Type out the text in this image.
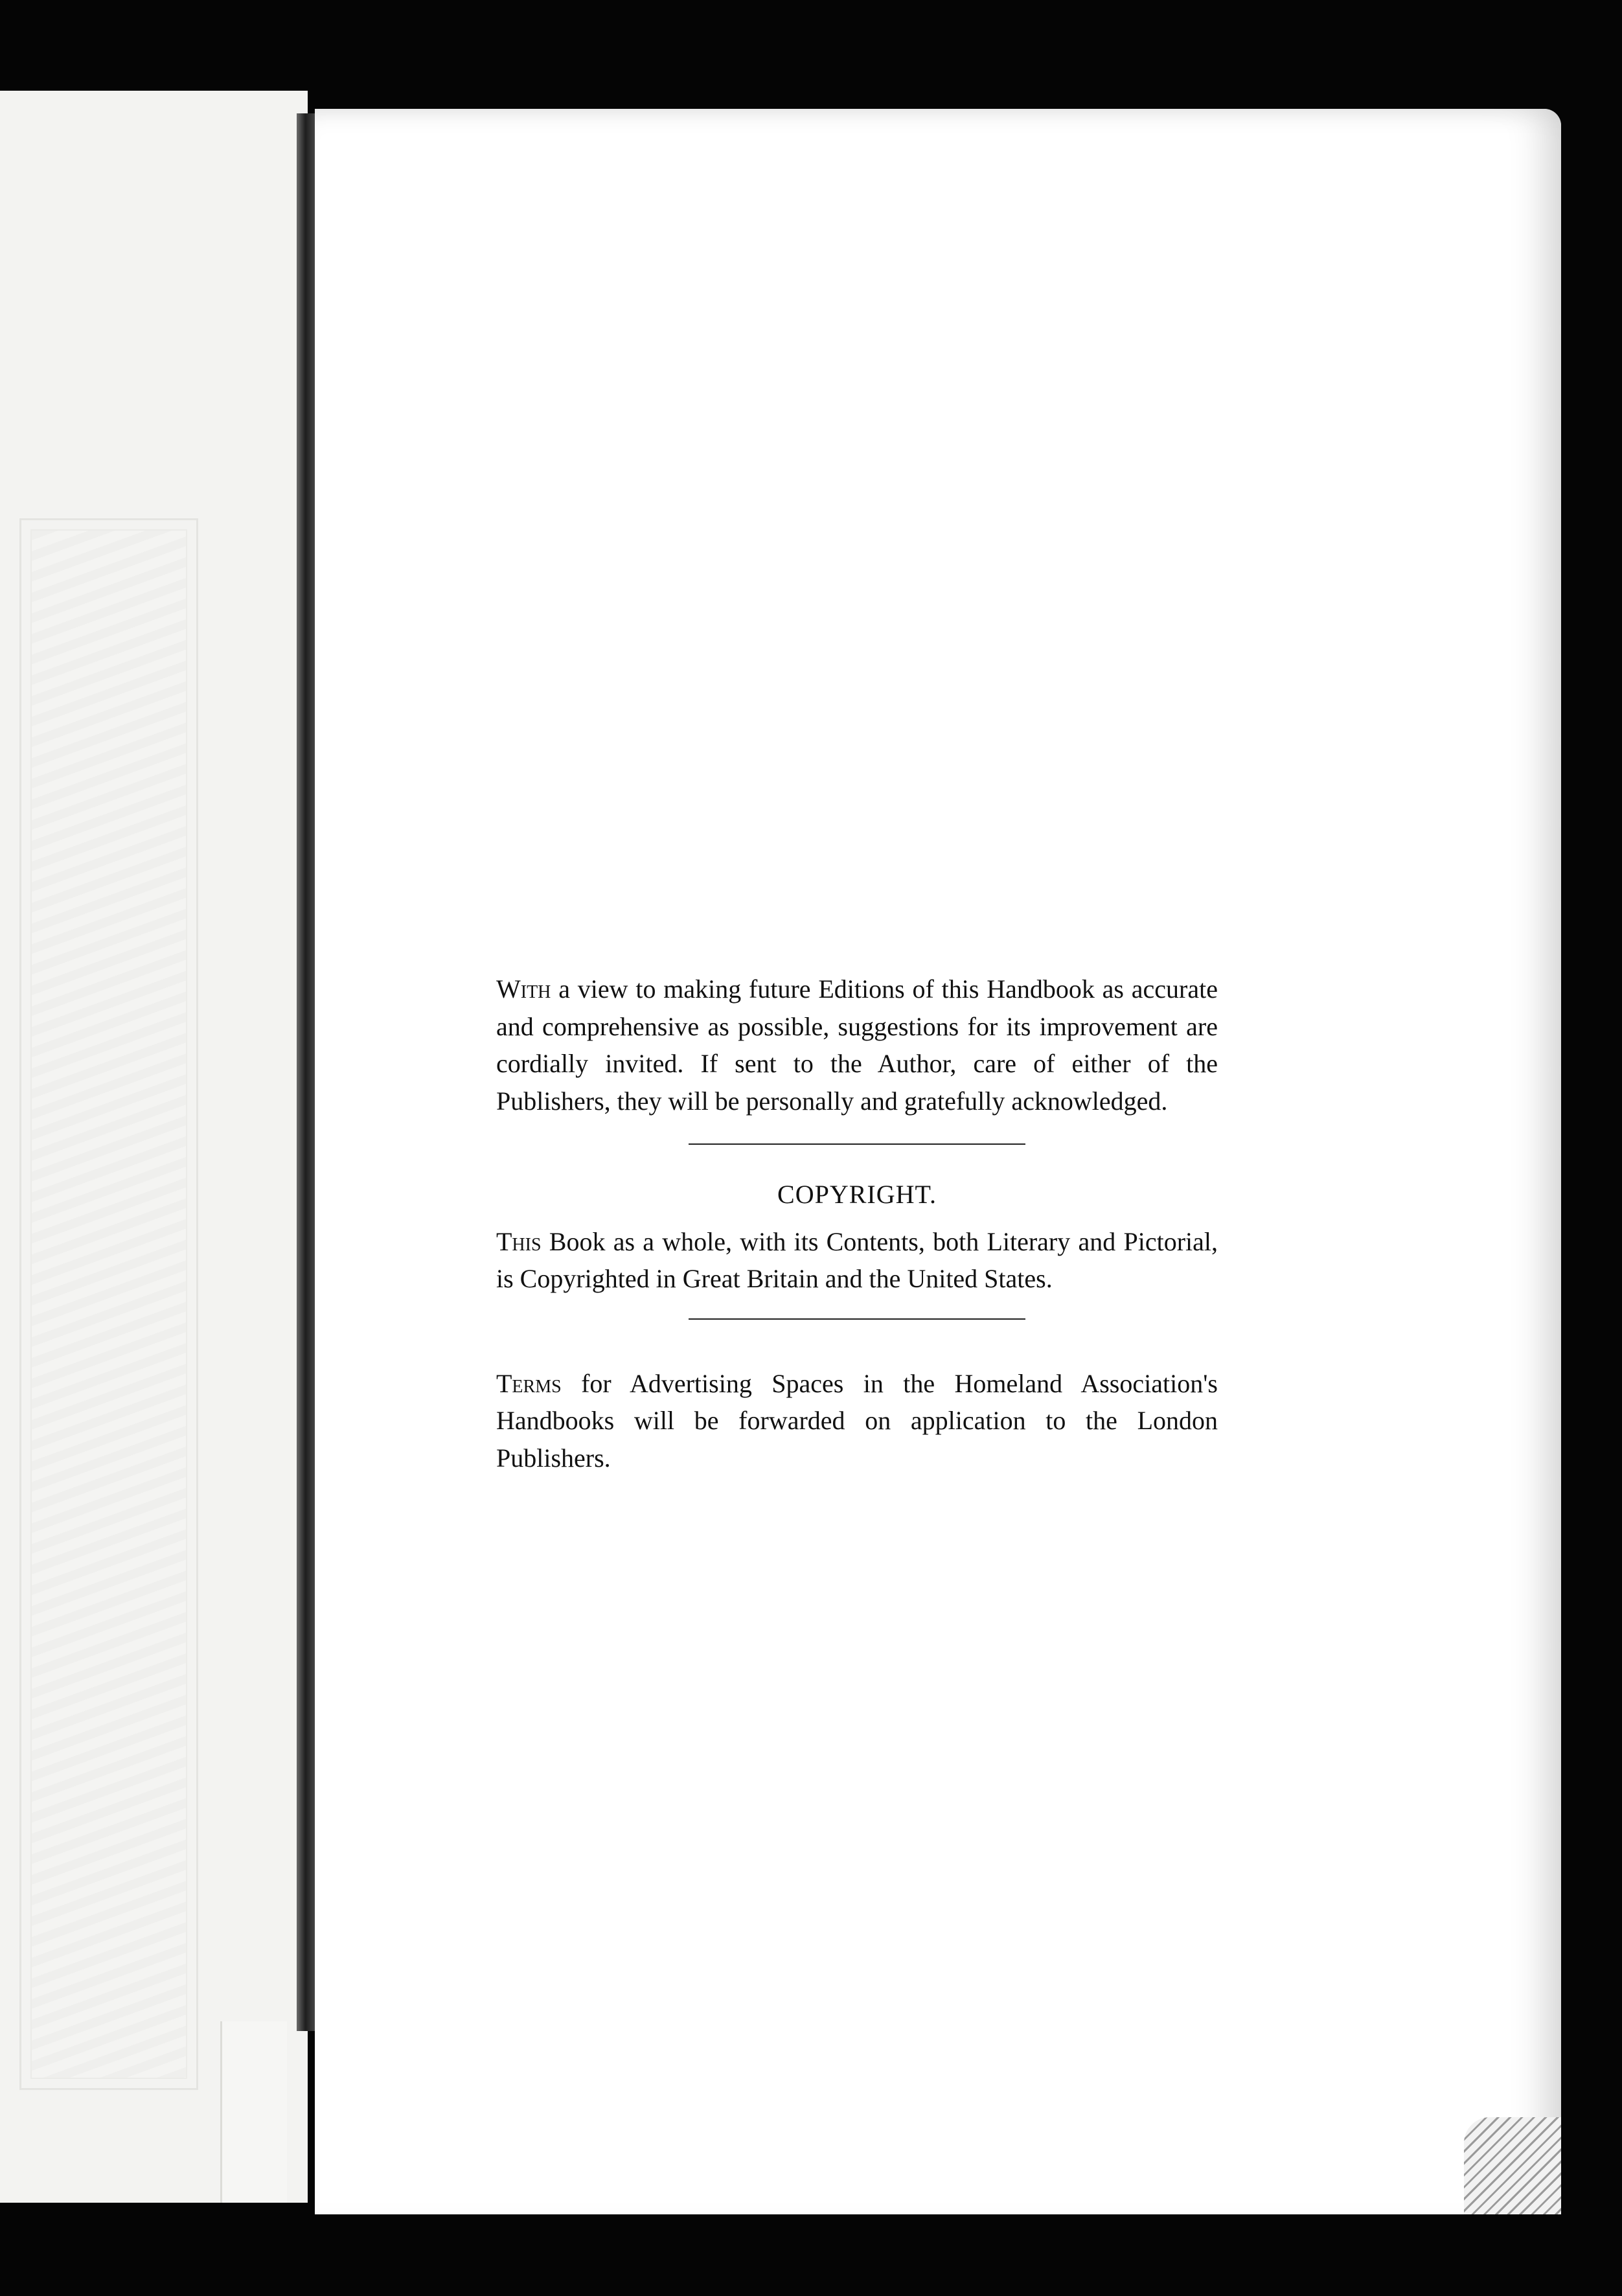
With a view to making future Editions of this Handbook as accurate and comprehensive as possible, suggestions for its improvement are cordially invited. If sent to the Author, care of either of the Publishers, they will be personally and gratefully acknowledged.

COPYRIGHT.

This Book as a whole, with its Contents, both Literary and Pictorial, is Copyrighted in Great Britain and the United States.

Terms for Advertising Spaces in the Homeland Association's Handbooks will be forwarded on application to the London Publishers.
